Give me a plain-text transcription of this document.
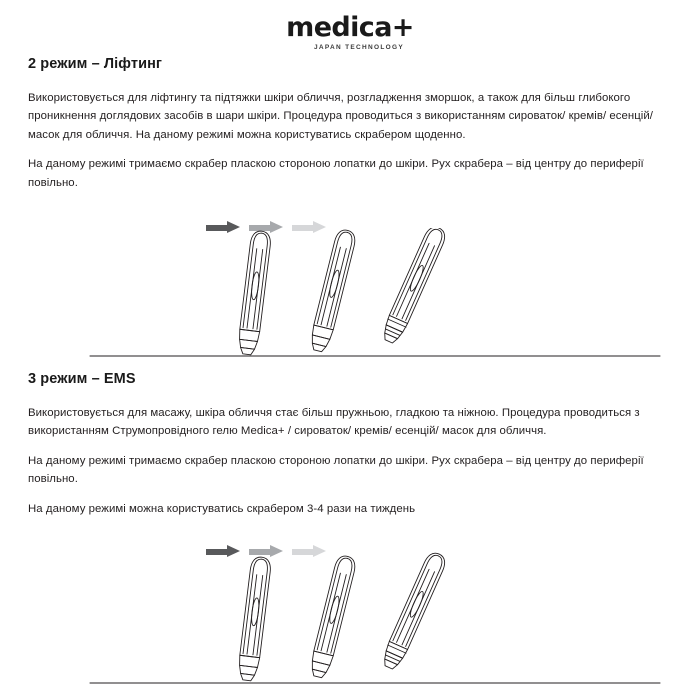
medica+
JAPAN TECHNOLOGY
2 режим – Ліфтинг

Використовується для ліфтингу та підтяжки шкіри обличчя, розгладження зморшок, а також для більш глибокого проникнення доглядових засобів в шари шкіри. Процедура проводиться з використанням сироваток/ кремів/ есенцій/ масок для обличчя. На даному режимі можна користуватись скрабером щоденно.

На даному режимі тримаємо скрабер пласкою стороною лопатки до шкіри. Рух скрабера – від центру до периферії повільно.

3 режим – EMS

Використовується для масажу, шкіра обличчя стає більш пружньою, гладкою та ніжною. Процедура проводиться з використанням Струмопровідного гелю Medica+ / сироваток/ кремів/ есенцій/ масок для обличчя.

На даному режимі тримаємо скрабер пласкою стороною лопатки до шкіри. Рух скрабера – від центру до периферії повільно.

На даному режимі можна користуватись скрабером 3-4 рази на тиждень
